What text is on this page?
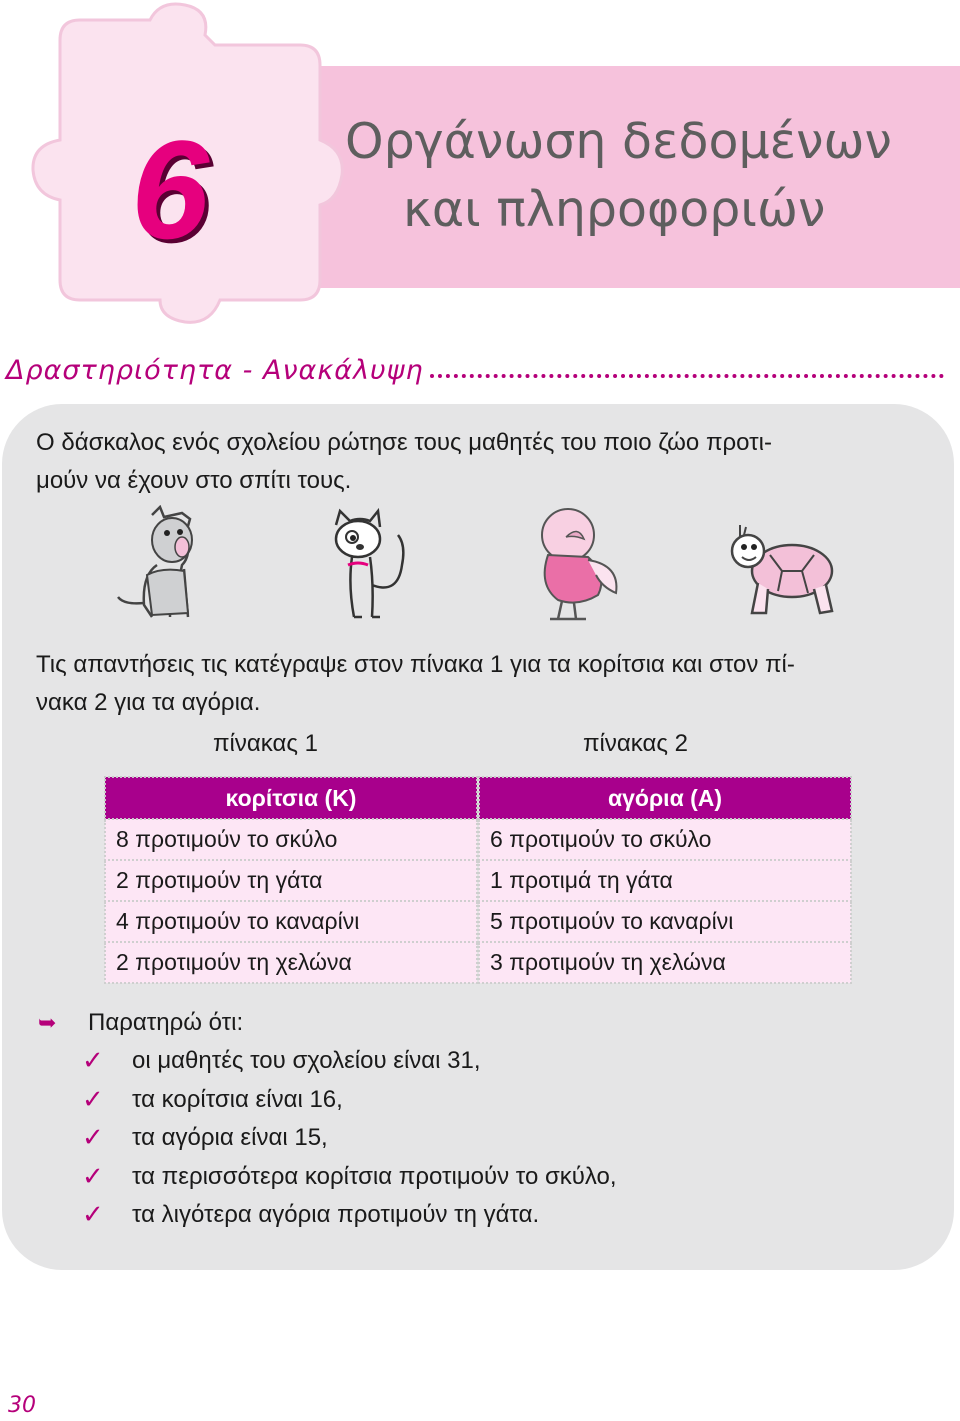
6	Οργάνωση δεδομένων
και πληροφοριών
Δραστηριότητα - Ανακάλυψη
Ο δάσκαλος ενός σχολείου ρώτησε τους μαθητές του ποιο ζώο προτι-
μούν να έχουν στο σπίτι τους.
Τις απαντήσεις τις κατέγραψε στον πίνακα 1 για τα κορίτσια και στον πί-
νακα 2 για τα αγόρια.
πίνακας 1	πίνακας 2
κορίτσια (Κ)
8 προτιμούν το σκύλο
2 προτιμούν τη γάτα
4 προτιμούν το καναρίνι
2 προτιμούν τη χελώνα
αγόρια (Α)
6 προτιμούν το σκύλο
1 προτιμά τη γάτα
5 προτιμούν το καναρίνι
3 προτιμούν τη χελώνα
➥	Παρατηρώ ότι:
✓	οι μαθητές του σχολείου είναι 31,
✓	τα κορίτσια είναι 16,
✓	τα αγόρια είναι 15,
✓	τα περισσότερα κορίτσια προτιμούν το σκύλο,
✓	τα λιγότερα αγόρια προτιμούν τη γάτα.
30
